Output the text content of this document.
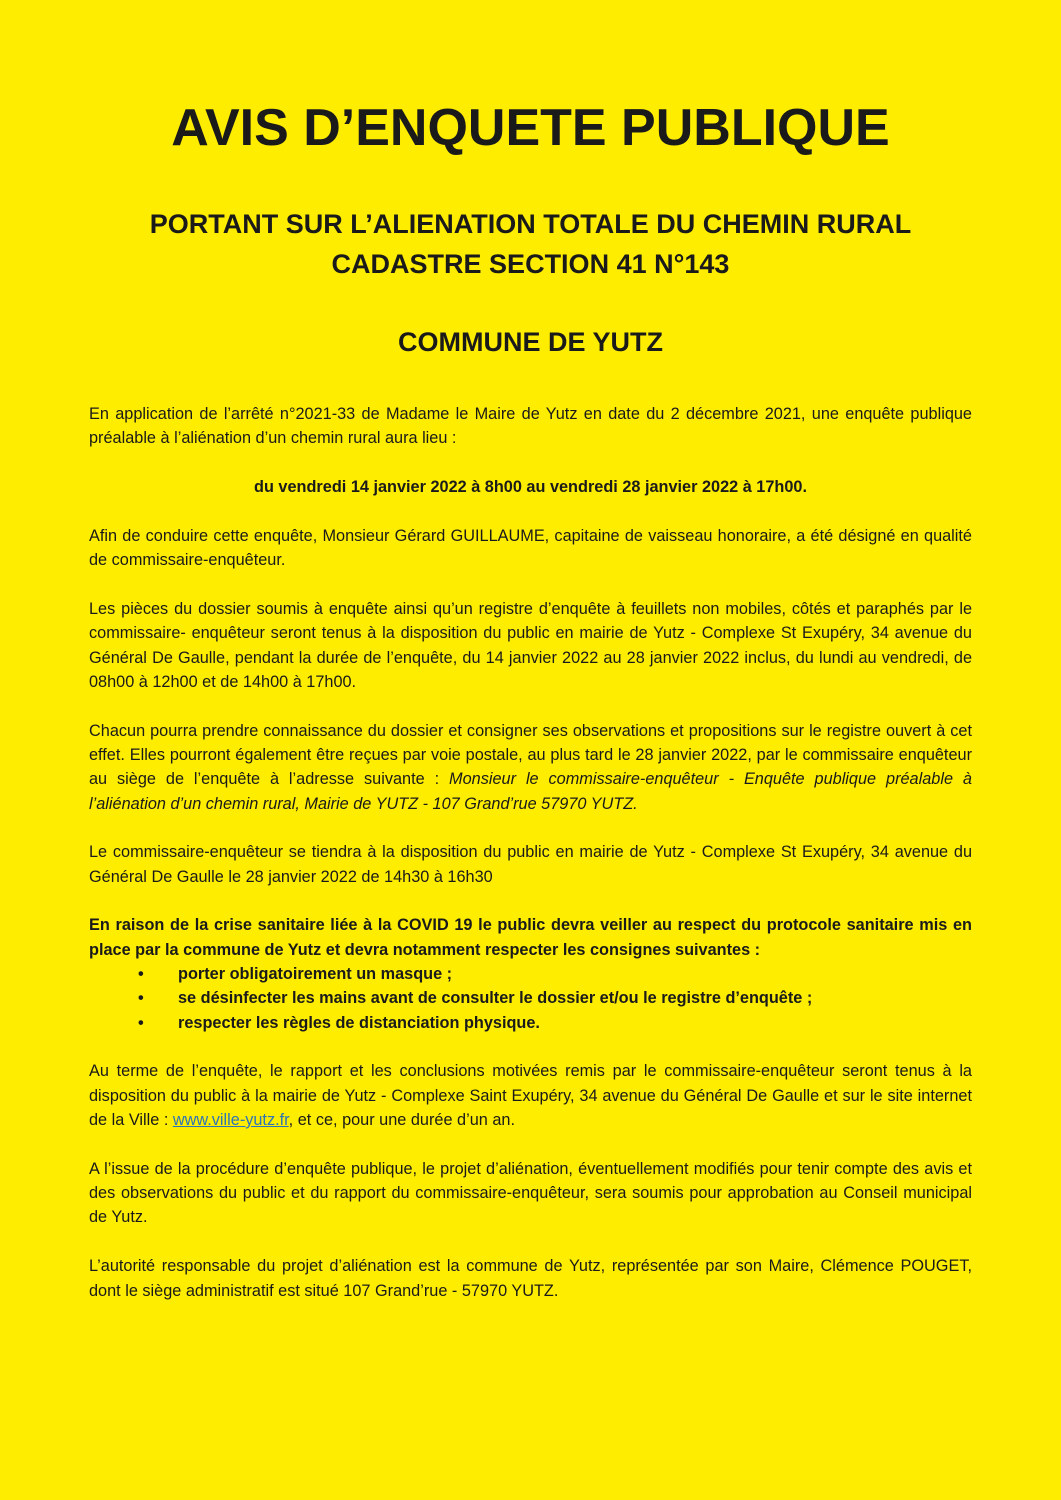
AVIS D’ENQUETE PUBLIQUE
PORTANT SUR L’ALIENATION TOTALE DU CHEMIN RURAL
CADASTRE SECTION 41 N°143
COMMUNE DE YUTZ

En application de l’arrêté n°2021-33 de Madame le Maire de Yutz en date du 2 décembre 2021, une enquête publique préalable à l’aliénation d’un chemin rural aura lieu :

du vendredi 14 janvier 2022 à 8h00 au vendredi 28 janvier 2022 à 17h00.

Afin de conduire cette enquête, Monsieur Gérard GUILLAUME, capitaine de vaisseau honoraire, a été désigné en qualité de commissaire-enquêteur.

Les pièces du dossier soumis à enquête ainsi qu’un registre d’enquête à feuillets non mobiles, côtés et paraphés par le commissaire- enquêteur seront tenus à la disposition du public en mairie de Yutz - Complexe St Exupéry, 34 avenue du Général De Gaulle, pendant la durée de l’enquête, du 14 janvier 2022 au 28 janvier 2022 inclus, du lundi au vendredi, de 08h00 à 12h00 et de 14h00 à 17h00.

Chacun pourra prendre connaissance du dossier et consigner ses observations et propositions sur le registre ouvert à cet effet. Elles pourront également être reçues par voie postale, au plus tard le 28 janvier 2022, par le commissaire enquêteur au siège de l’enquête à l’adresse suivante : Monsieur le commissaire-enquêteur - Enquête publique préalable à l’aliénation d’un chemin rural, Mairie de YUTZ - 107 Grand’rue 57970 YUTZ.

Le commissaire-enquêteur se tiendra à la disposition du public en mairie de Yutz - Complexe St Exupéry, 34 avenue du Général De Gaulle le 28 janvier 2022 de 14h30 à 16h30

En raison de la crise sanitaire liée à la COVID 19 le public devra veiller au respect du protocole sanitaire mis en place par la commune de Yutz et devra notamment respecter les consignes suivantes :

• porter obligatoirement un masque ;
• se désinfecter les mains avant de consulter le dossier et/ou le registre d’enquête ;
• respecter les règles de distanciation physique.

Au terme de l’enquête, le rapport et les conclusions motivées remis par le commissaire-enquêteur seront tenus à la disposition du public à la mairie de Yutz - Complexe Saint Exupéry, 34 avenue du Général De Gaulle et sur le site internet de la Ville : www.ville-yutz.fr, et ce, pour une durée d’un an.

A l’issue de la procédure d’enquête publique, le projet d’aliénation, éventuellement modifiés pour tenir compte des avis et des observations du public et du rapport du commissaire-enquêteur, sera soumis pour approbation au Conseil municipal de Yutz.

L’autorité responsable du projet d’aliénation est la commune de Yutz, représentée par son Maire, Clémence POUGET, dont le siège administratif est situé 107 Grand’rue - 57970 YUTZ.
